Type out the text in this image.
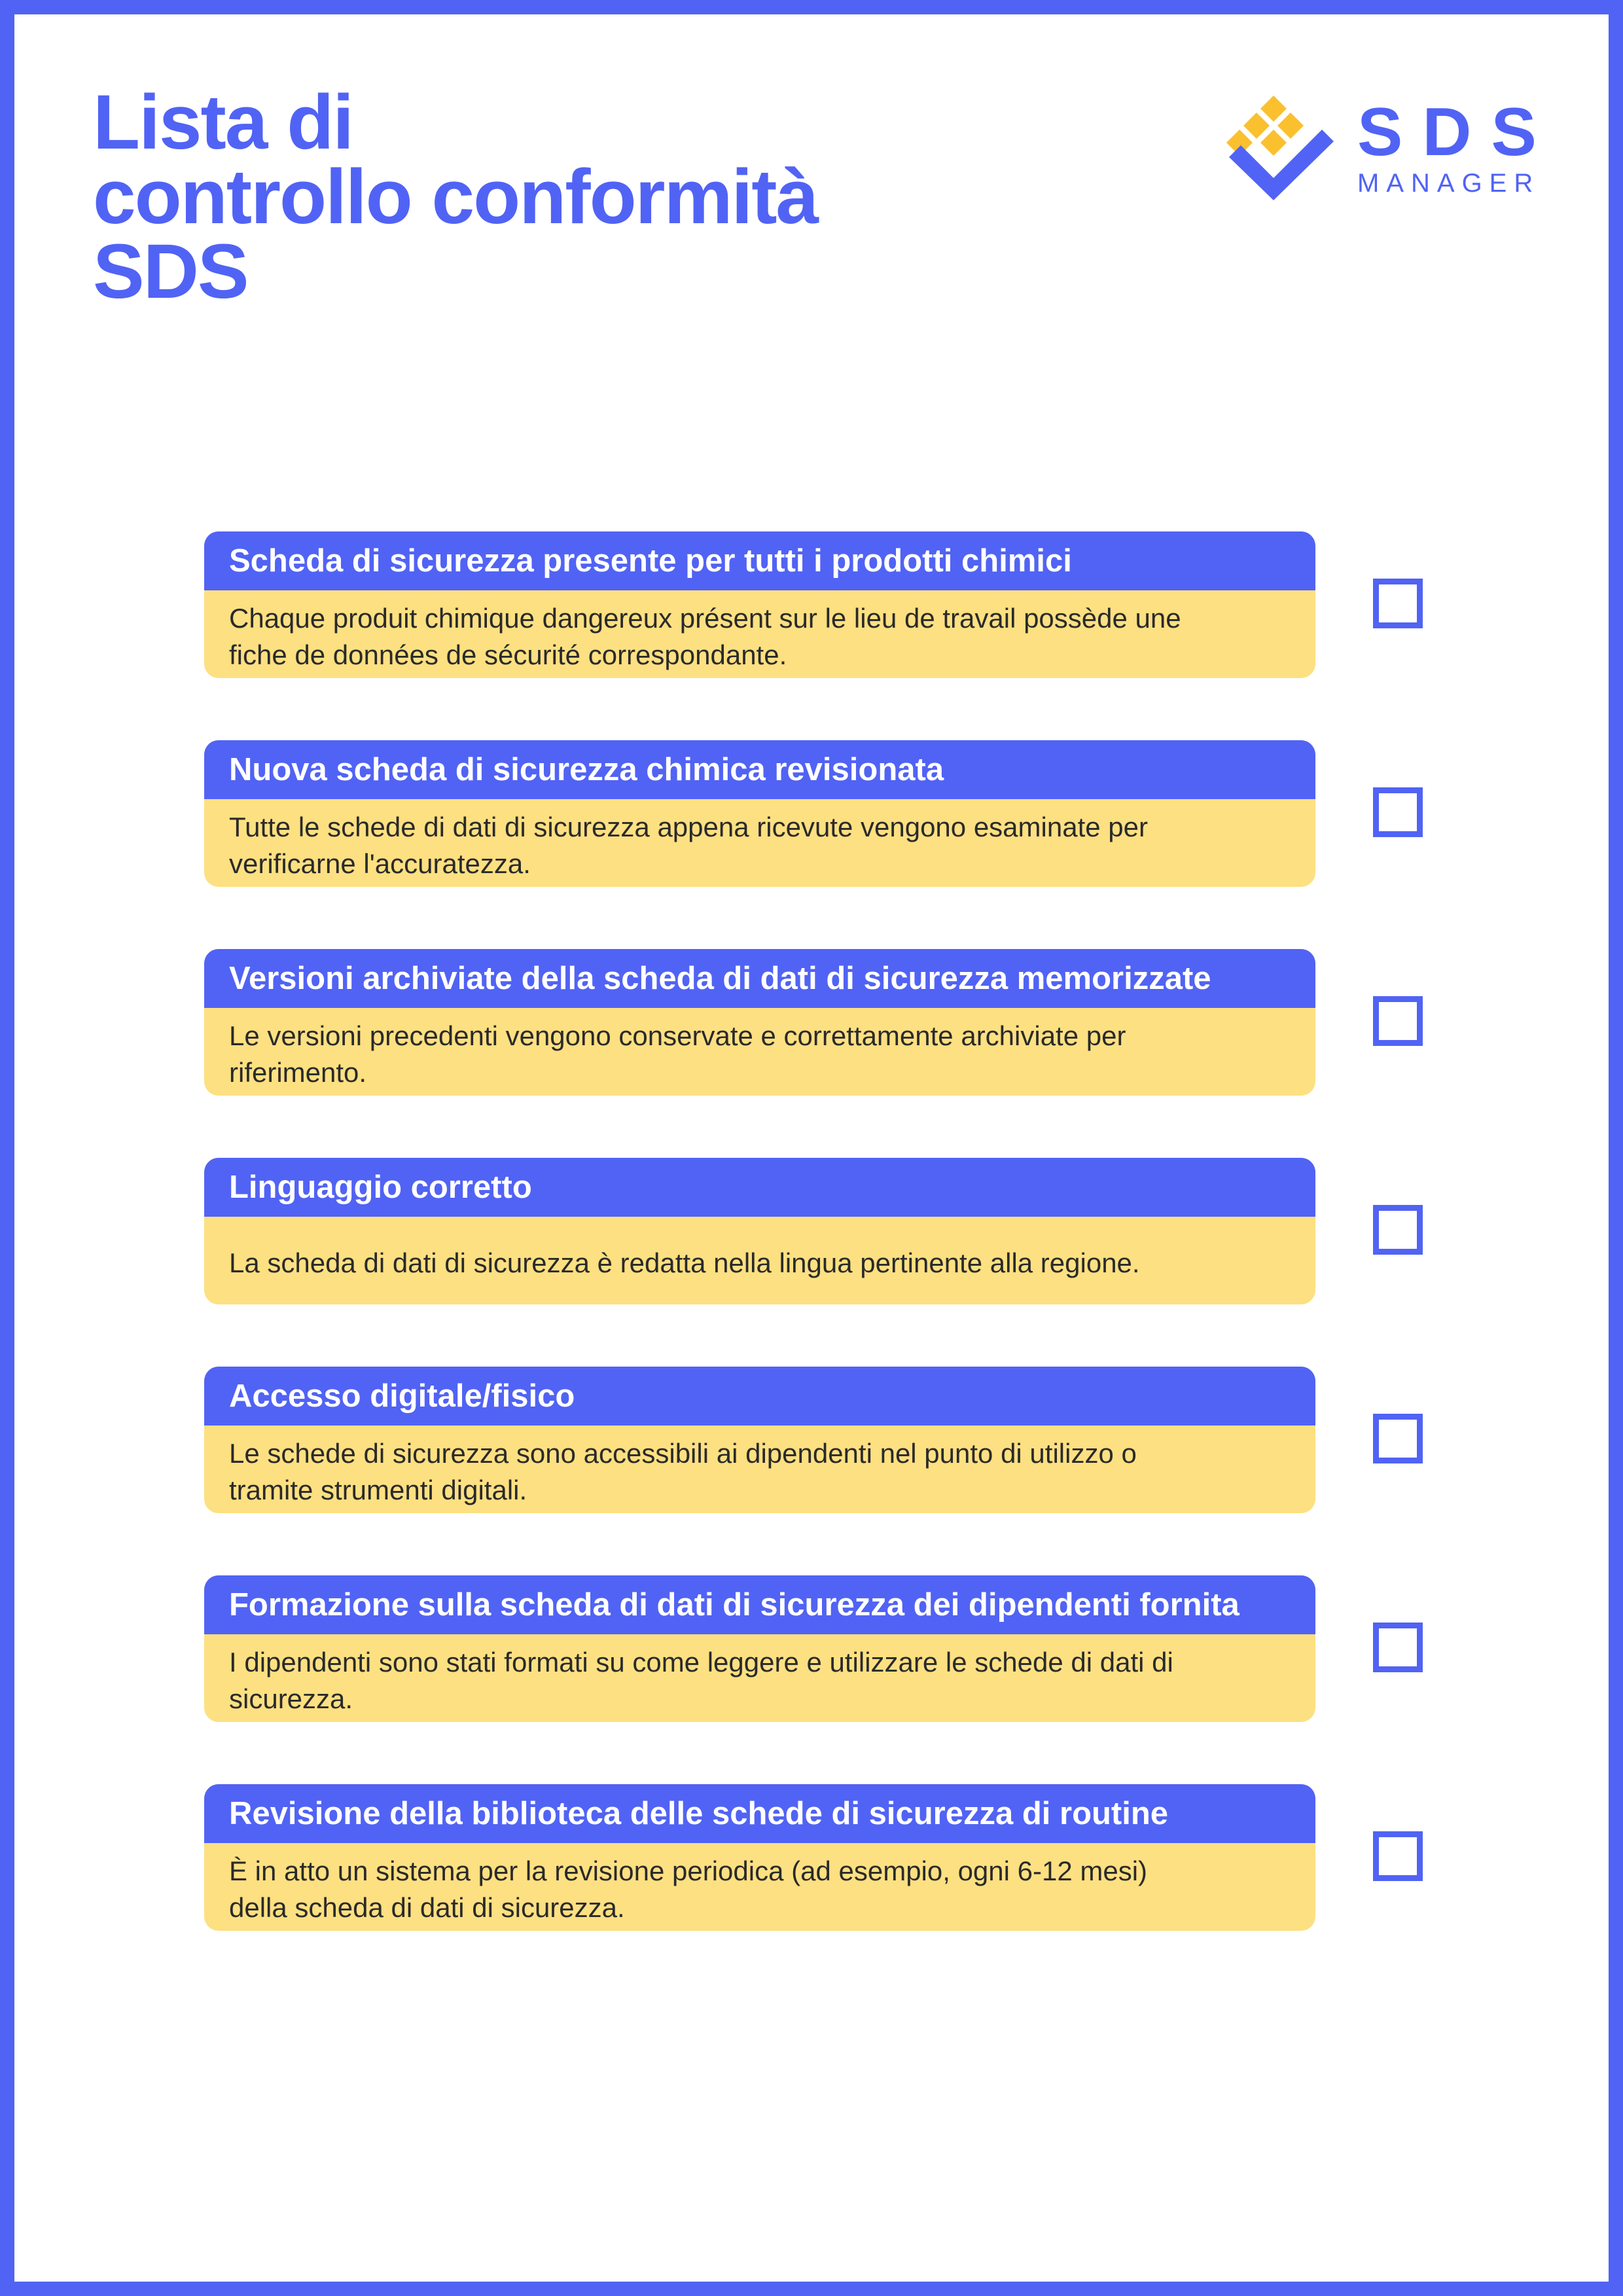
Lista di
controllo conformità
SDS
SDS
MANAGER
Scheda di sicurezza presente per tutti i prodotti chimici
Chaque produit chimique dangereux présent sur le lieu de travail possède une fiche de données de sécurité correspondante.
Nuova scheda di sicurezza chimica revisionata
Tutte le schede di dati di sicurezza appena ricevute vengono esaminate per verificarne l'accuratezza.
Versioni archiviate della scheda di dati di sicurezza memorizzate
Le versioni precedenti vengono conservate e correttamente archiviate per riferimento.
Linguaggio corretto
La scheda di dati di sicurezza è redatta nella lingua pertinente alla regione.
Accesso digitale/fisico
Le schede di sicurezza sono accessibili ai dipendenti nel punto di utilizzo o tramite strumenti digitali.
Formazione sulla scheda di dati di sicurezza dei dipendenti fornita
I dipendenti sono stati formati su come leggere e utilizzare le schede di dati di sicurezza.
Revisione della biblioteca delle schede di sicurezza di routine
È in atto un sistema per la revisione periodica (ad esempio, ogni 6-12 mesi) della scheda di dati di sicurezza.
